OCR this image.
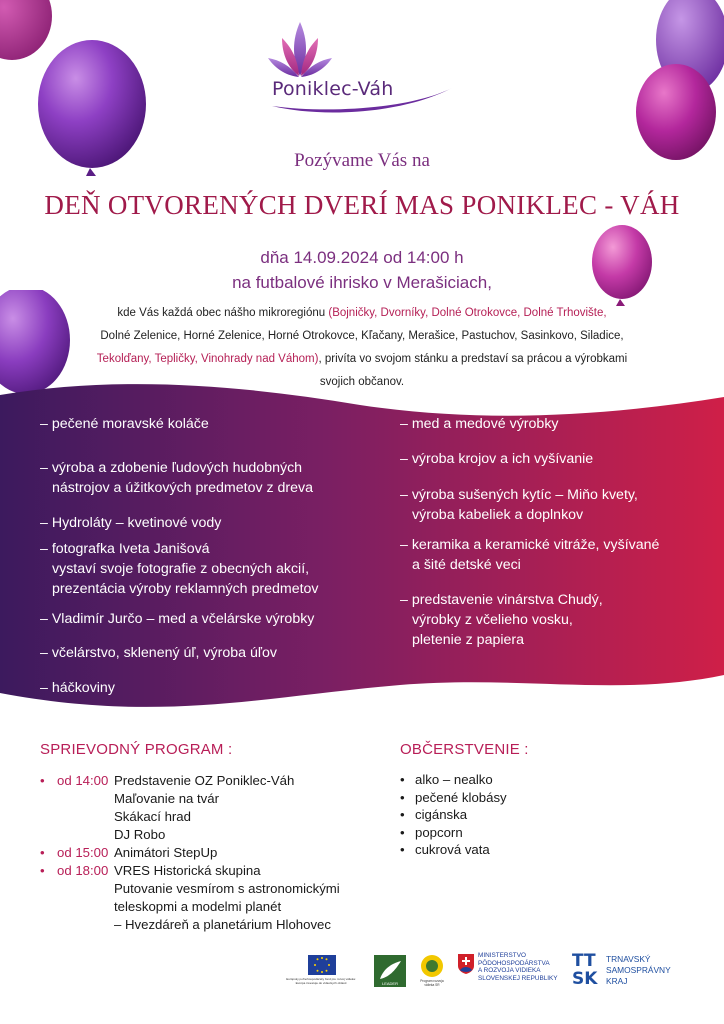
Poniklec-Váh
Pozývame Vás na
DEŇ OTVORENÝCH DVERÍ MAS PONIKLEC - VÁH
dňa 14.09.2024 od 14:00 h
na futbalové ihrisko v Merašiciach,
kde Vás každá obec nášho mikroregiónu (Bojničky, Dvorníky, Dolné Otrokovce, Dolné Trhovište,
Dolné Zelenice, Horné Zelenice, Horné Otrokovce, Kľačany, Merašice, Pastuchov, Sasinkovo, Siladice,
Tekolďany, Tepličky, Vinohrady nad Váhom), privíta vo svojom stánku a predstaví sa prácou a výrobkami
svojich občanov.
– pečené moravské koláče
– výroba a zdobenie ľudových hudobných
nástrojov a úžitkových predmetov z dreva
– Hydroláty – kvetinové vody
– fotografka Iveta Janišová
vystaví svoje fotografie z obecných akcií,
prezentácia výroby reklamných predmetov
– Vladimír Jurčo – med a včelárske výrobky
– včelárstvo, sklenený úľ, výroba úľov
– háčkoviny
– med a medové výrobky
– výroba krojov a ich vyšívanie
– výroba sušených kytíc – Miňo kvety,
výroba kabeliek a doplnkov
– keramika a keramické vitráže, vyšívané
a šité detské veci
– predstavenie vinárstva Chudý,
výrobky z včelieho vosku,
pletenie z papiera
SPRIEVODNÝ PROGRAM :
• od 14:00 Predstavenie OZ Poniklec-Váh
Maľovanie na tvár
Skákací hrad
DJ Robo
• od 15:00 Animátori StepUp
• od 18:00 VRES Historická skupina
Putovanie vesmírom s astronomickými
teleskopmi a modelmi planét
– Hvezdáreň a planetárium Hlohovec
OBČERSTVENIE :
• alko – nealko
• pečené klobásy
• cigánska
• popcorn
• cukrová vata
Európsky poľnohospodársky fond pre rozvoj vidieka: Európa investuje do vidieckych oblastí	LEADER	Program rozvoja vidieka SR
MINISTERSTVO
PÔDOHOSPODÁRSTVA
A ROZVOJA VIDIEKA
SLOVENSKEJ REPUBLIKY
TT
SK
TRNAVSKÝ
SAMOSPRÁVNY
KRAJ
